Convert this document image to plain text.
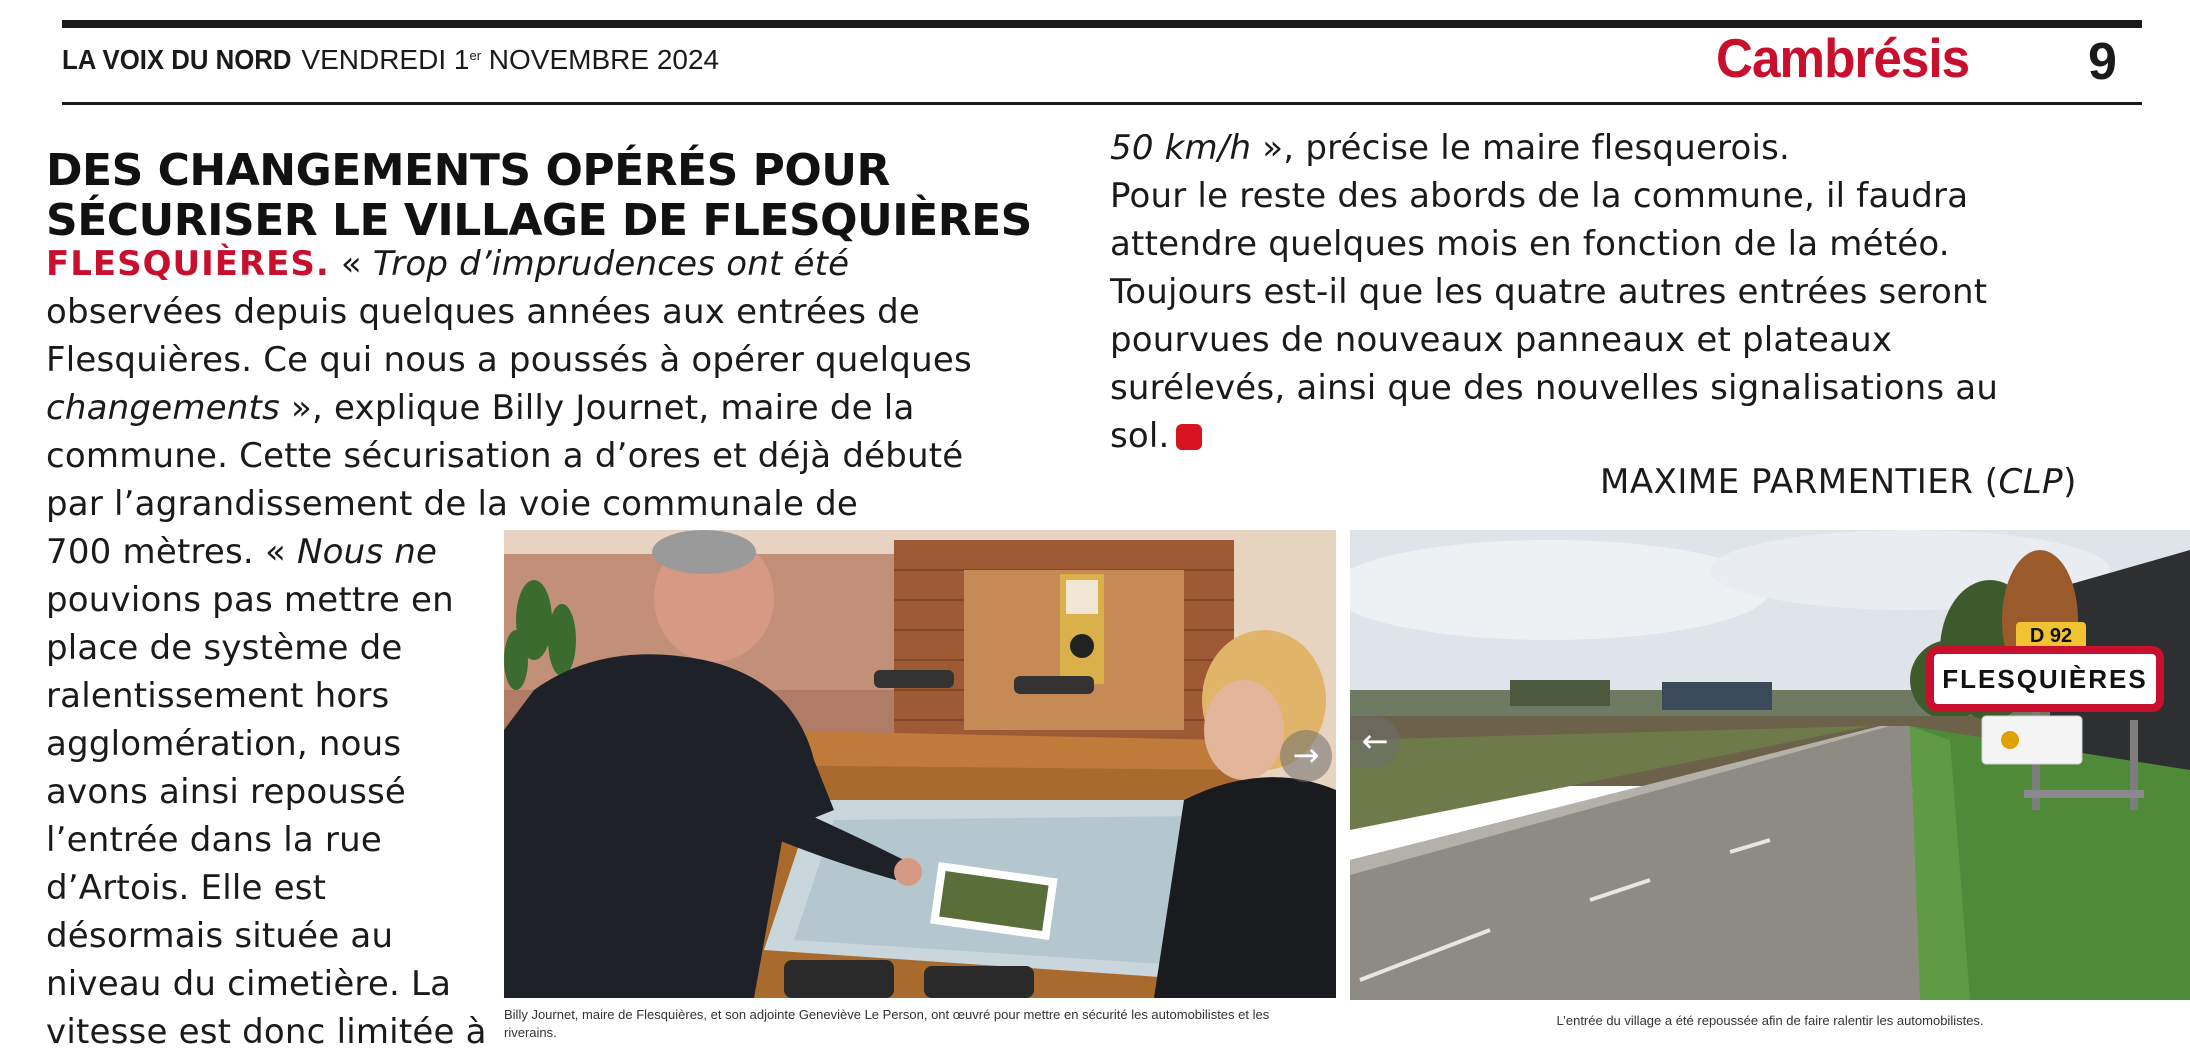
LA VOIX DU NORD VENDREDI 1er NOVEMBRE 2024	Cambrésis 9
DES CHANGEMENTS OPÉRÉS POUR
SÉCURISER LE VILLAGE DE FLESQUIÈRES
FLESQUIÈRES. « Trop d’imprudences ont été
observées depuis quelques années aux entrées de
Flesquières. Ce qui nous a poussés à opérer quelques
changements », explique Billy Journet, maire de la
commune. Cette sécurisation a d’ores et déjà débuté
par l’agrandissement de la voie communale de
700 mètres. « Nous ne
pouvions pas mettre en
place de système de
ralentissement hors
agglomération, nous
avons ainsi repoussé
l’entrée dans la rue
d’Artois. Elle est
désormais située au
niveau du cimetière. La
vitesse est donc limitée à
50 km/h », précise le maire flesquerois.
Pour le reste des abords de la commune, il faudra
attendre quelques mois en fonction de la météo.
Toujours est-il que les quatre autres entrées seront
pourvues de nouveaux panneaux et plateaux
surélevés, ainsi que des nouvelles signalisations au
sol.
MAXIME PARMENTIER (CLP)
→
Billy Journet, maire de Flesquières, et son adjointe Geneviève Le Person, ont œuvré pour mettre en sécurité les automobilistes et les riverains.
D 92
FLESQUIÈRES
←
L’entrée du village a été repoussée afin de faire ralentir les automobilistes.
